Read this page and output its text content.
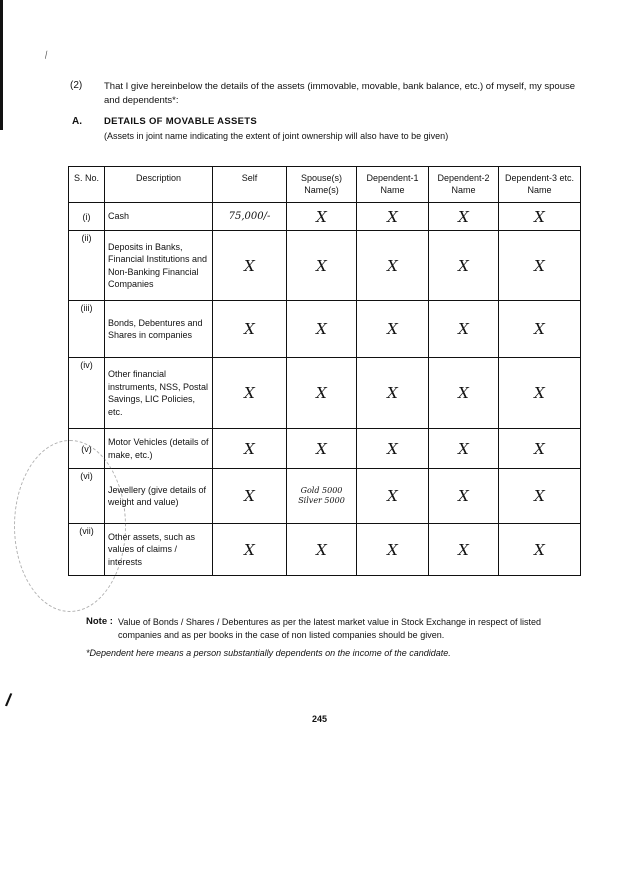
⁄
(2) That I give hereinbelow the details of the assets (immovable, movable, bank balance, etc.) of myself, my spouse and dependents*:
A. DETAILS OF MOVABLE ASSETS
(Assets in joint name indicating the extent of joint ownership will also have to be given)
S. No.	Description	Self	Spouse(s) Name(s)	Dependent-1 Name	Dependent-2 Name	Dependent-3 etc. Name
(i)	Cash	75,000/-	X	X	X	X
(ii)	Deposits in Banks, Financial Institutions and Non-Banking Financial Companies	X	X	X	X	X
(iii)	Bonds, Debentures and Shares in companies	X	X	X	X	X
(iv)	Other financial instruments, NSS, Postal Savings, LIC Policies, etc.	X	X	X	X	X
(v)	Motor Vehicles (details of make, etc.)	X	X	X	X	X
(vi)	Jewellery (give details of weight and value)	X	Gold 5000 Silver 5000	X	X	X
(vii)	Other assets, such as values of claims / interests	X	X	X	X	X
Note : Value of Bonds / Shares / Debentures as per the latest market value in Stock Exchange in respect of listed companies and as per books in the case of non listed companies should be given.
*Dependent here means a person substantially dependents on the income of the candidate.
245
/
